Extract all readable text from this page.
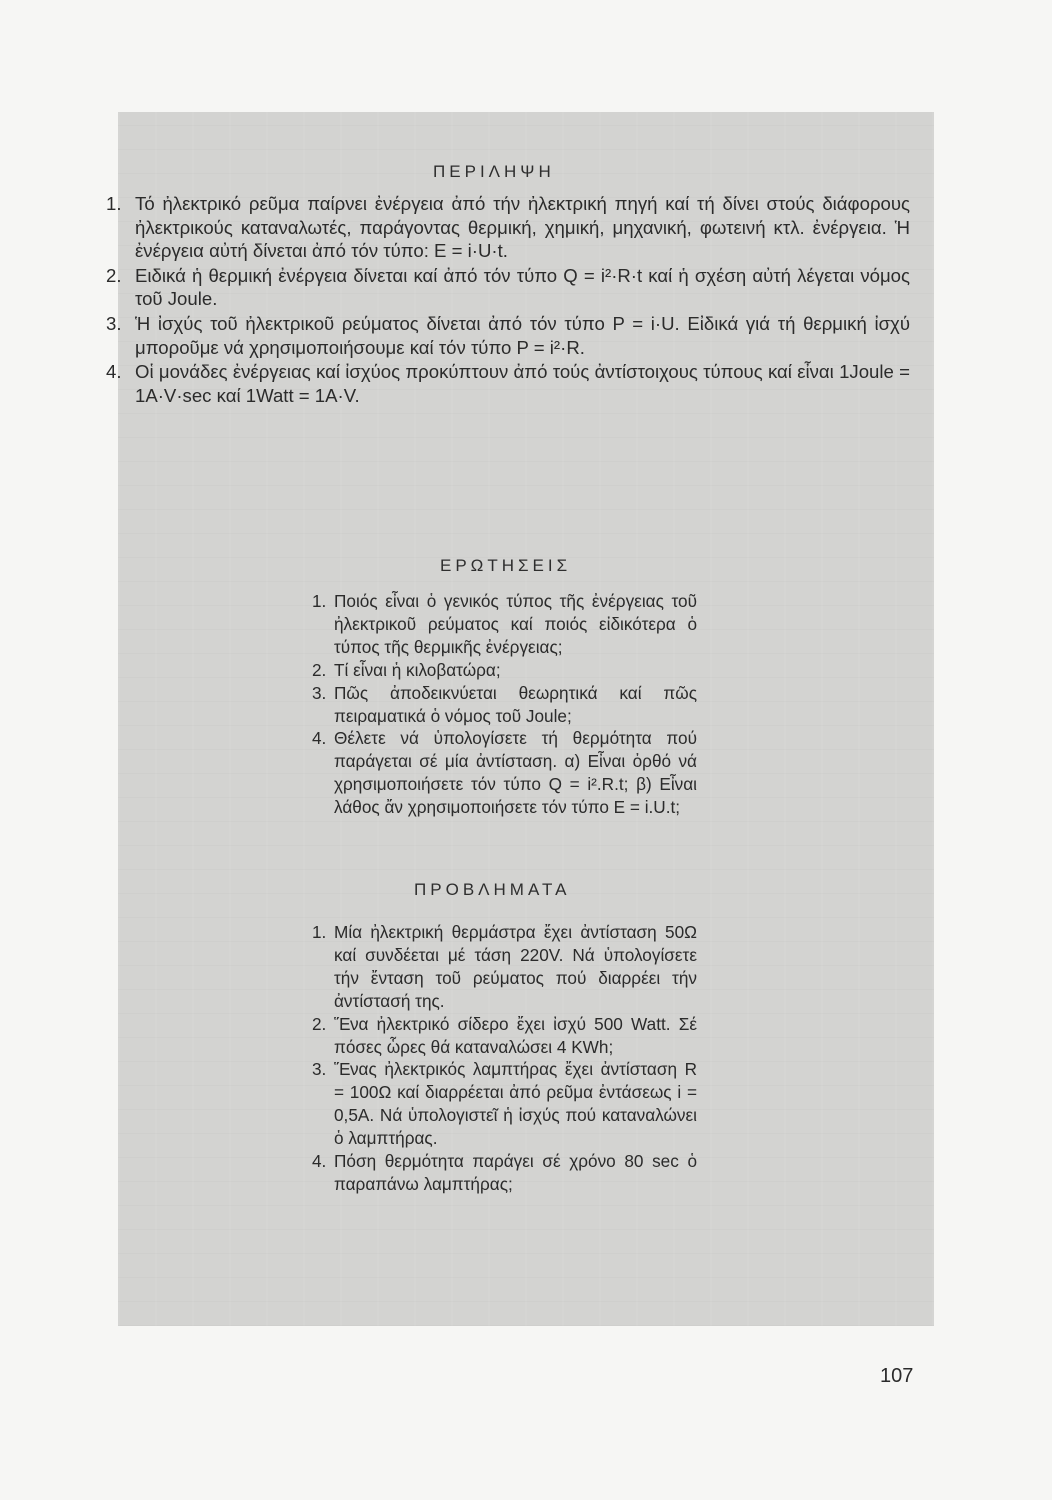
ΠΕΡΙΛΗΨΗ
1. Τό ἠλεκτρικό ρεῦμα παίρνει ἐνέργεια ἀπό τήν ἠλεκτρική πηγή καί τή δίνει στούς διάφορους ἠλεκτρικούς καταναλωτές, παράγοντας θερμική, χημική, μηχανική, φωτεινή κτλ. ἐνέργεια. Ἡ ἐνέργεια αὐτή δίνεται ἀπό τόν τύπο: E = i·U·t.
2. Ειδικά ἡ θερμική ἐνέργεια δίνεται καί ἀπό τόν τύπο Q = i²·R·t καί ἡ σχέση αὐτή λέγεται νόμος τοῦ Joule.
3. Ἡ ἰσχύς τοῦ ἠλεκτρικοῦ ρεύματος δίνεται ἀπό τόν τύπο P = i·U. Εἰδικά γιά τή θερμική ἰσχύ μποροῦμε νά χρησιμοποιήσουμε καί τόν τύπο P = i²·R.
4. Οἱ μονάδες ἐνέργειας καί ἰσχύος προκύπτουν ἀπό τούς ἀντίστοιχους τύπους καί εἶναι 1Joule = 1A·V·sec καί 1Watt = 1A·V.
ΕΡΩΤΗΣΕΙΣ
1. Ποιός εἶναι ὁ γενικός τύπος τῆς ἐνέργειας τοῦ ἠλεκτρικοῦ ρεύματος καί ποιός εἰδικότερα ὁ τύπος τῆς θερμικῆς ἐνέργειας;
2. Τί εἶναι ἡ κιλοβατώρα;
3. Πῶς ἀποδεικνύεται θεωρητικά καί πῶς πειραματικά ὁ νόμος τοῦ Joule;
4. Θέλετε νά ὑπολογίσετε τή θερμότητα πού παράγεται σέ μία ἀντίσταση. α) Εἶναι ὀρθό νά χρησιμοποιήσετε τόν τύπο Q = i².R.t; β) Εἶναι λάθος ἄν χρησιμοποιήσετε τόν τύπο E = i.U.t;
ΠΡΟΒΛΗΜΑΤΑ
1. Μία ἠλεκτρική θερμάστρα ἔχει ἀντίσταση 50Ω καί συνδέεται μέ τάση 220V. Νά ὑπολογίσετε τήν ἔνταση τοῦ ρεύματος πού διαρρέει τήν ἀντίστασή της.
2. Ἕνα ἠλεκτρικό σίδερο ἔχει ἰσχύ 500 Watt. Σέ πόσες ὧρες θά καταναλώσει 4 KWh;
3. Ἕνας ἠλεκτρικός λαμπτήρας ἔχει ἀντίσταση R = 100Ω καί διαρρέεται ἀπό ρεῦμα ἐντάσεως i = 0,5A. Νά ὑπολογιστεῖ ἡ ἰσχύς πού καταναλώνει ὁ λαμπτήρας.
4. Πόση θερμότητα παράγει σέ χρόνο 80 sec ὁ παραπάνω λαμπτήρας;
107
